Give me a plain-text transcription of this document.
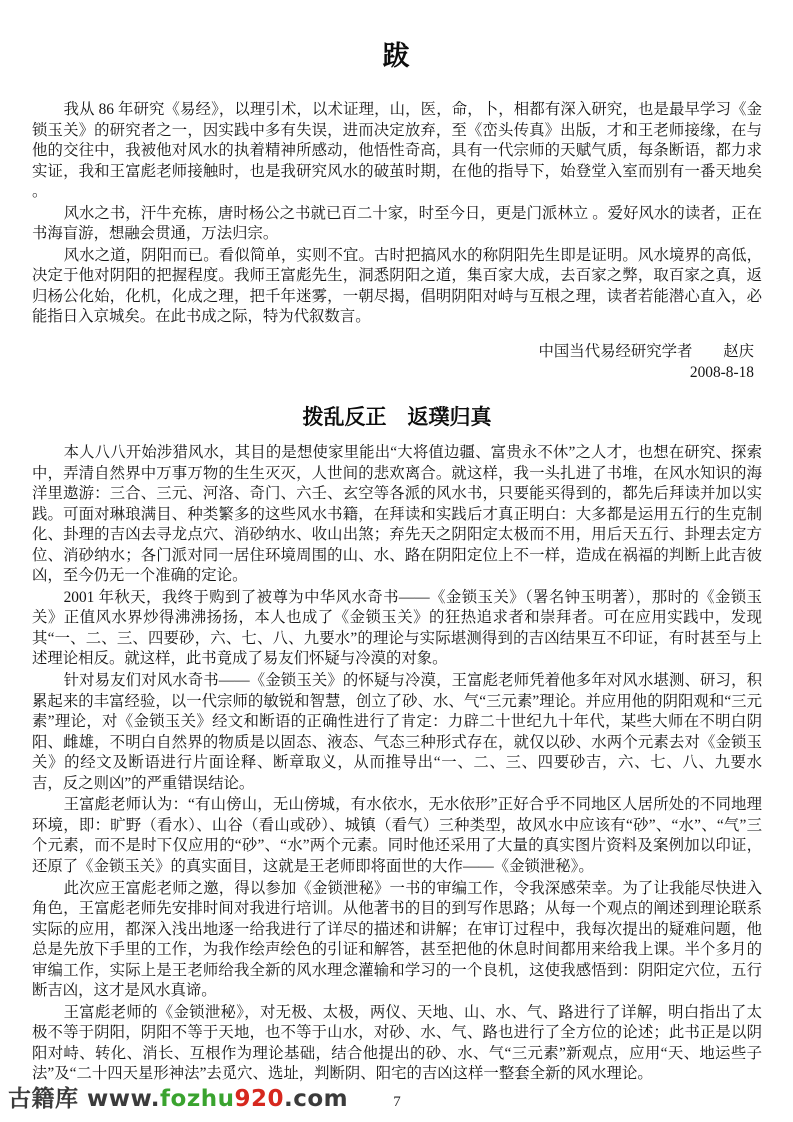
跋

我从 86 年研究《易经》，以理引术，以术证理，山，医，命，卜，相都有深入研究，也是最早学习《金锁玉关》的研究者之一，因实践中多有失误，进而决定放弃，至《峦头传真》出版，才和王老师接缘，在与他的交往中，我被他对风水的执着精神所感动，他悟性奇高，具有一代宗师的天赋气质，每条断语，都力求实证，我和王富彪老师接触时，也是我研究风水的破茧时期，在他的指导下，始登堂入室而别有一番天地矣 。

风水之书，汗牛充栋，唐时杨公之书就已百二十家，时至今日，更是门派林立 。爱好风水的读者，正在书海盲游，想融会贯通，万法归宗。

风水之道，阴阳而已。看似简单，实则不宜。古时把搞风水的称阴阳先生即是证明。风水境界的高低，决定于他对阴阳的把握程度。我师王富彪先生，洞悉阴阳之道，集百家大成，去百家之弊，取百家之真，返归杨公化始，化机，化成之理，把千年迷雾，一朝尽揭，倡明阴阳对峙与互根之理，读者若能潜心直入，必能指日入京城矣。在此书成之际，特为代叙数言。

中国当代易经研究学者　　赵庆
2008-8-18
拨乱反正　返璞归真

本人八八开始涉猎风水，其目的是想使家里能出“大将值边疆、富贵永不休”之人才，也想在研究、探索中，弄清自然界中万事万物的生生灭灭，人世间的悲欢离合。就这样，我一头扎进了书堆，在风水知识的海洋里遨游：三合、三元、河洛、奇门、六壬、玄空等各派的风水书，只要能买得到的，都先后拜读并加以实践。可面对琳琅满目、种类繁多的这些风水书籍，在拜读和实践后才真正明白：大多都是运用五行的生克制化、卦理的吉凶去寻龙点穴、消砂纳水、收山出煞；弃先天之阴阳定太极而不用，用后天五行、卦理去定方位、消砂纳水；各门派对同一居住环境周围的山、水、路在阴阳定位上不一样，造成在祸福的判断上此吉彼凶，至今仍无一个准确的定论。

2001 年秋天，我终于购到了被尊为中华风水奇书——《金锁玉关》（署名钟玉明著），那时的《金锁玉关》正值风水界炒得沸沸扬扬，本人也成了《金锁玉关》的狂热追求者和崇拜者。可在应用实践中，发现其“一、二、三、四要砂，六、七、八、九要水”的理论与实际堪测得到的吉凶结果互不印证，有时甚至与上述理论相反。就这样，此书竟成了易友们怀疑与冷漠的对象。

针对易友们对风水奇书——《金锁玉关》的怀疑与冷漠，王富彪老师凭着他多年对风水堪测、研习，积累起来的丰富经验，以一代宗师的敏锐和智慧，创立了砂、水、气“三元素”理论。并应用他的阴阳观和“三元素”理论，对《金锁玉关》经文和断语的正确性进行了肯定：力辟二十世纪九十年代，某些大师在不明白阴阳、雌雄，不明白自然界的物质是以固态、液态、气态三种形式存在，就仅以砂、水两个元素去对《金锁玉关》的经文及断语进行片面诠释、断章取义，从而推导出“一、二、三、四要砂吉，六、七、八、九要水吉，反之则凶”的严重错误结论。

王富彪老师认为：“有山傍山，无山傍城，有水依水，无水依形”正好合乎不同地区人居所处的不同地理环境，即：旷野（看水）、山谷（看山或砂）、城镇（看气）三种类型，故风水中应该有“砂”、“水”、“气”三个元素，而不是时下仅应用的“砂”、“水”两个元素。同时他还采用了大量的真实图片资料及案例加以印证，还原了《金锁玉关》的真实面目，这就是王老师即将面世的大作——《金锁泄秘》。

此次应王富彪老师之邀，得以参加《金锁泄秘》一书的审编工作，令我深感荣幸。为了让我能尽快进入角色，王富彪老师先安排时间对我进行培训。从他著书的目的到写作思路；从每一个观点的阐述到理论联系实际的应用，都深入浅出地逐一给我进行了详尽的描述和讲解；在审订过程中，我每次提出的疑难问题，他总是先放下手里的工作，为我作绘声绘色的引证和解答，甚至把他的休息时间都用来给我上课。半个多月的审编工作，实际上是王老师给我全新的风水理念灌输和学习的一个良机，这使我感悟到：阴阳定穴位，五行断吉凶，这才是风水真谛。

王富彪老师的《金锁泄秘》，对无极、太极，两仪、天地、山、水、气、路进行了详解，明白指出了太极不等于阴阳，阴阳不等于天地，也不等于山水，对砂、水、气、路也进行了全方位的论述；此书正是以阴阳对峙、转化、消长、互根作为理论基础，结合他提出的砂、水、气“三元素”新观点，应用“天、地运些子法”及“二十四天星形神法”去觅穴、选址，判断阴、阳宅的吉凶这样一整套全新的风水理论。

7
古籍库 www.fozhu920.com
